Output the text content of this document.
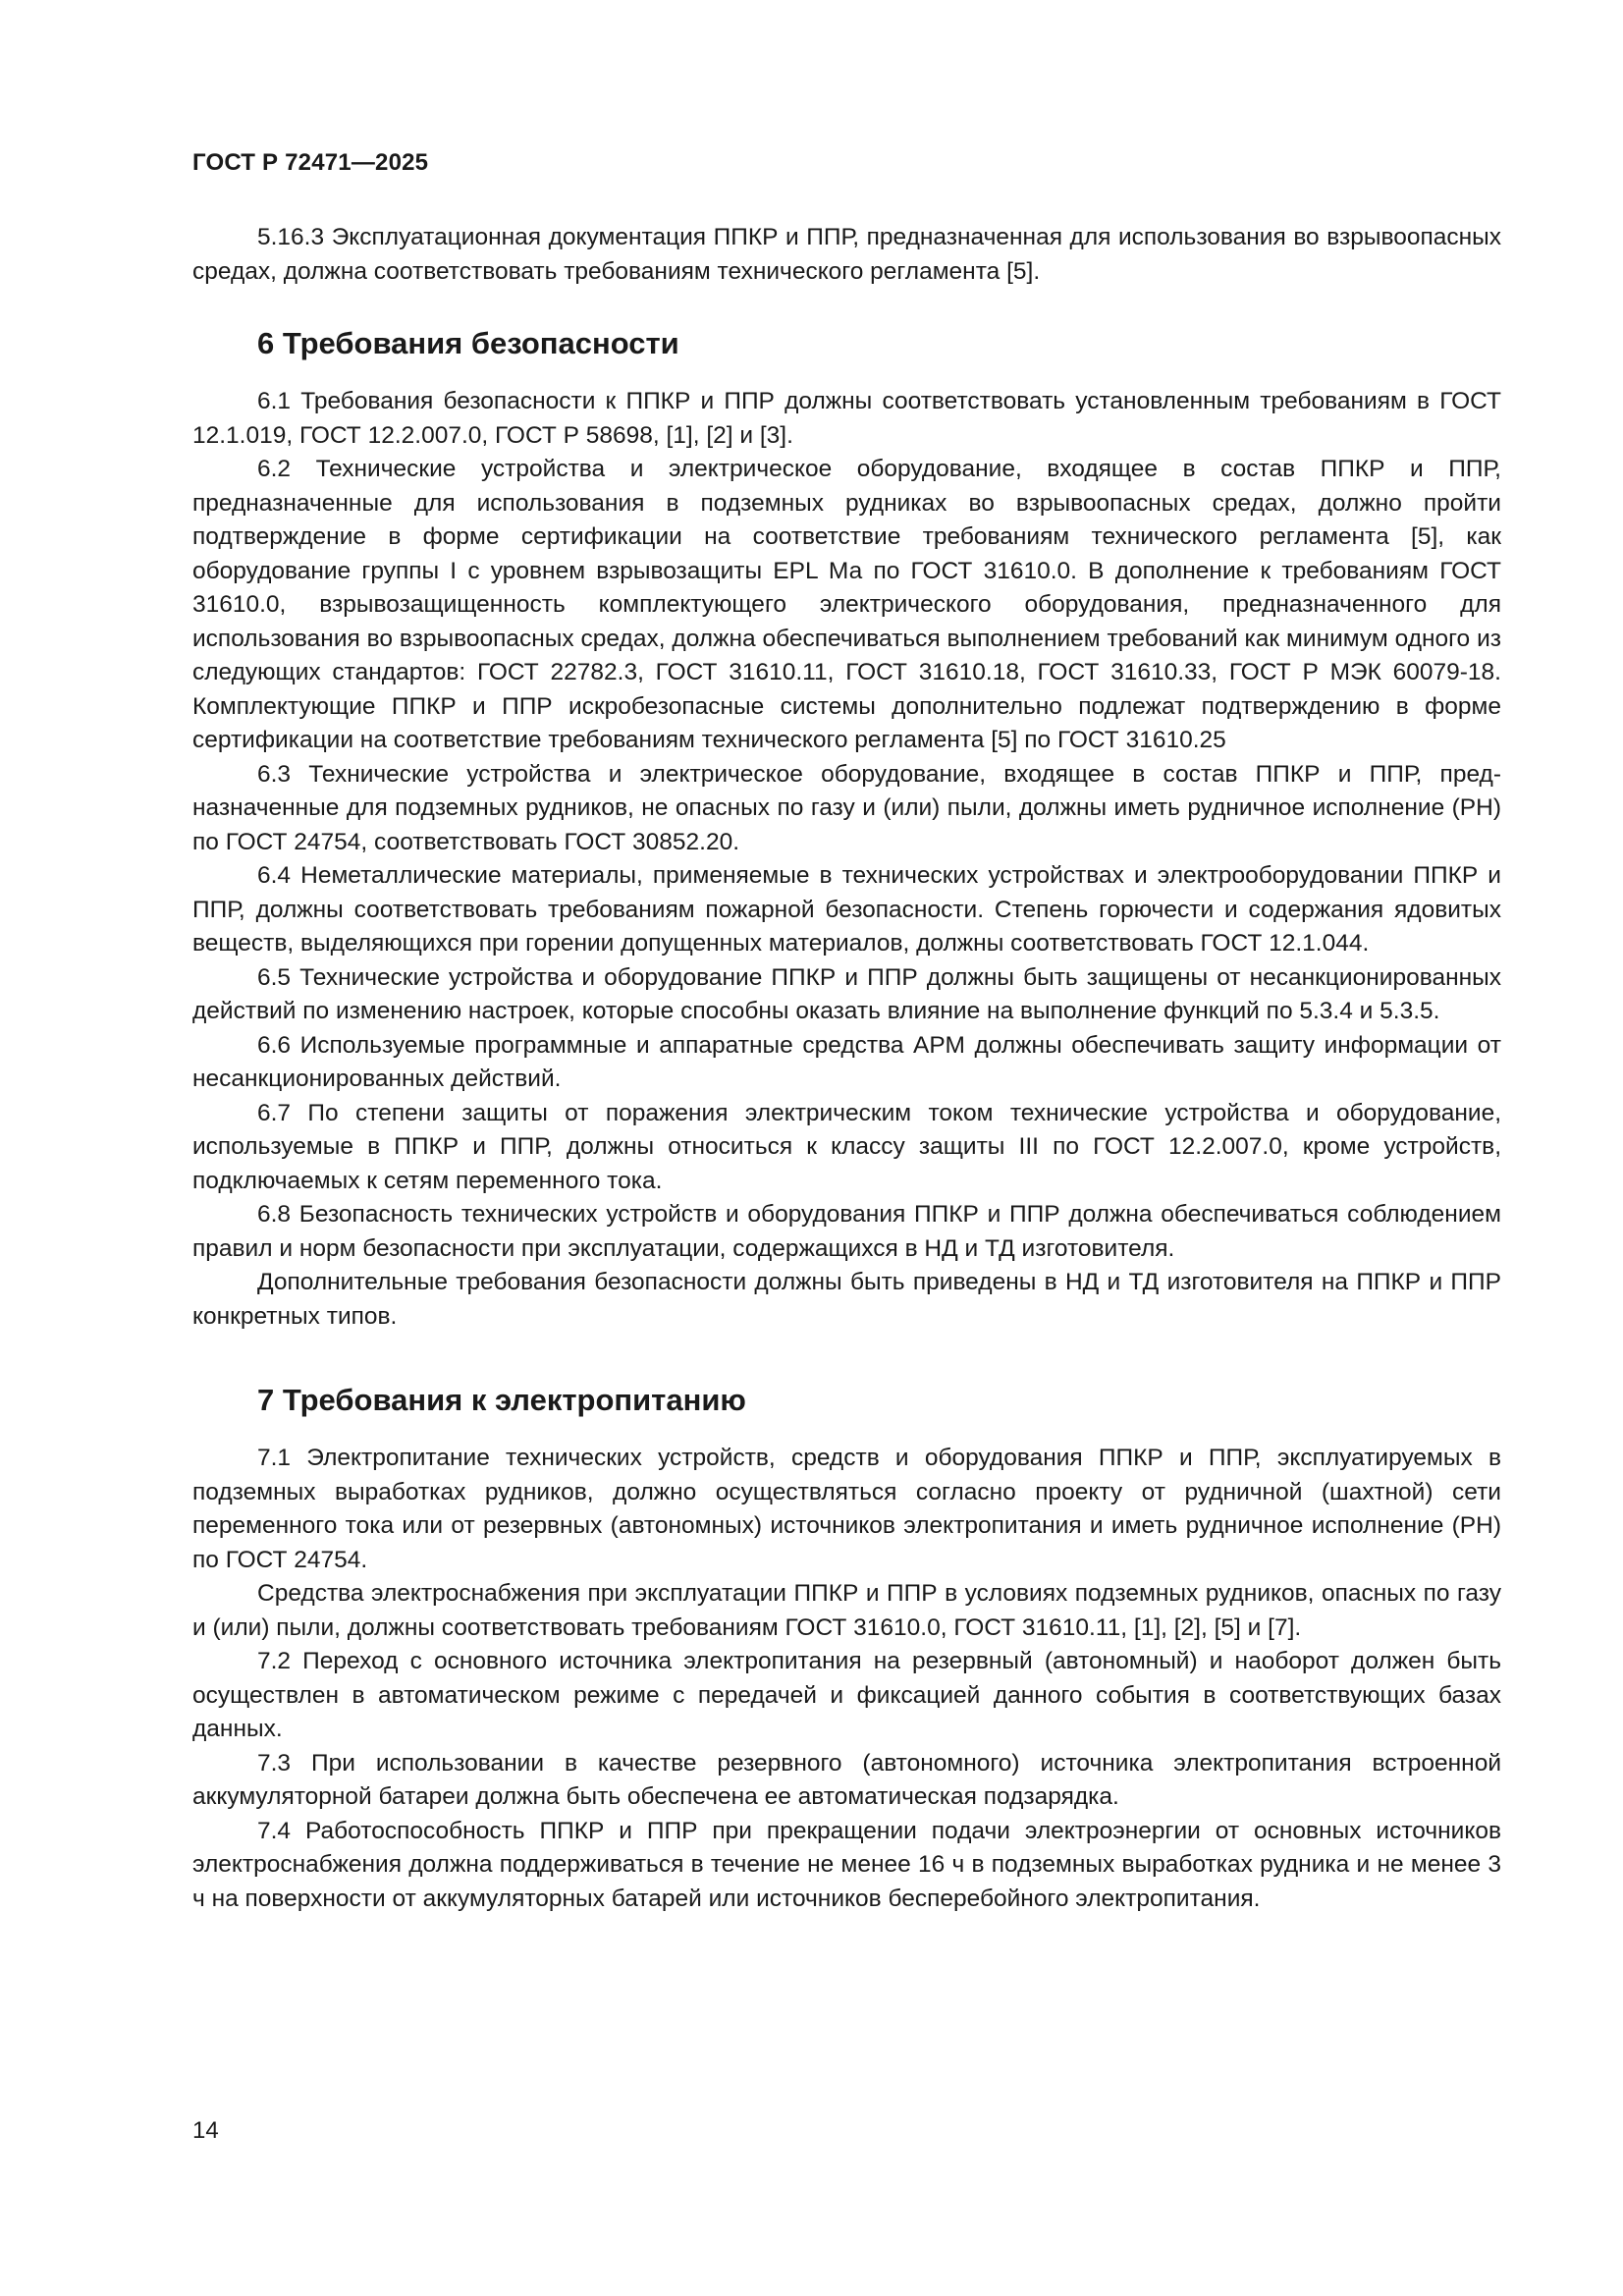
ГОСТ Р 72471—2025

5.16.3 Эксплуатационная документация ППКР и ППР, предназначенная для использования во взрывоопасных средах, должна соответствовать требованиям технического регламента [5].

6 Требования безопасности

6.1 Требования безопасности к ППКР и ППР должны соответствовать установленным требованиям в ГОСТ 12.1.019, ГОСТ 12.2.007.0, ГОСТ Р 58698, [1], [2] и [3].

6.2 Технические устройства и электрическое оборудование, входящее в состав ППКР и ППР, предназначенные для использования в подземных рудниках во взрывоопасных средах, должно пройти подтверждение в форме сертификации на соответствие требованиям технического регламента [5], как оборудование группы I с уровнем взрывозащиты EPL Ма по ГОСТ 31610.0. В дополнение к требованиям ГОСТ 31610.0, взрывозащищенность комплектующего электрического оборудования, предназначенного для использования во взрывоопасных средах, должна обеспечиваться выполнением требований как минимум одного из следующих стандартов: ГОСТ 22782.3, ГОСТ 31610.11, ГОСТ 31610.18, ГОСТ 31610.33, ГОСТ Р МЭК 60079-18. Комплектующие ППКР и ППР искробезопасные системы дополнительно подлежат подтверждению в форме сертификации на соответствие требованиям технического регламента [5] по ГОСТ 31610.25

6.3 Технические устройства и электрическое оборудование, входящее в состав ППКР и ППР, предназначенные для подземных рудников, не опасных по газу и (или) пыли, должны иметь рудничное исполнение (РН) по ГОСТ 24754, соответствовать ГОСТ 30852.20.

6.4 Неметаллические материалы, применяемые в технических устройствах и электрооборудовании ППКР и ППР, должны соответствовать требованиям пожарной безопасности. Степень горючести и содержания ядовитых веществ, выделяющихся при горении допущенных материалов, должны соответствовать ГОСТ 12.1.044.

6.5 Технические устройства и оборудование ППКР и ППР должны быть защищены от несанкционированных действий по изменению настроек, которые способны оказать влияние на выполнение функций по 5.3.4 и 5.3.5.

6.6 Используемые программные и аппаратные средства АРМ должны обеспечивать защиту информации от несанкционированных действий.

6.7 По степени защиты от поражения электрическим током технические устройства и оборудование, используемые в ППКР и ППР, должны относиться к классу защиты III по ГОСТ 12.2.007.0, кроме устройств, подключаемых к сетям переменного тока.

6.8 Безопасность технических устройств и оборудования ППКР и ППР должна обеспечиваться соблюдением правил и норм безопасности при эксплуатации, содержащихся в НД и ТД изготовителя.

Дополнительные требования безопасности должны быть приведены в НД и ТД изготовителя на ППКР и ППР конкретных типов.

7 Требования к электропитанию

7.1 Электропитание технических устройств, средств и оборудования ППКР и ППР, эксплуатируемых в подземных выработках рудников, должно осуществляться согласно проекту от рудничной (шахтной) сети переменного тока или от резервных (автономных) источников электропитания и иметь рудничное исполнение (РН) по ГОСТ 24754.

Средства электроснабжения при эксплуатации ППКР и ППР в условиях подземных рудников, опасных по газу и (или) пыли, должны соответствовать требованиям ГОСТ 31610.0, ГОСТ 31610.11, [1], [2], [5] и [7].

7.2 Переход с основного источника электропитания на резервный (автономный) и наоборот должен быть осуществлен в автоматическом режиме с передачей и фиксацией данного события в соответствующих базах данных.

7.3 При использовании в качестве резервного (автономного) источника электропитания встроенной аккумуляторной батареи должна быть обеспечена ее автоматическая подзарядка.

7.4 Работоспособность ППКР и ППР при прекращении подачи электроэнергии от основных источников электроснабжения должна поддерживаться в течение не менее 16 ч в подземных выработках рудника и не менее 3 ч на поверхности от аккумуляторных батарей или источников бесперебойного электропитания.

14
